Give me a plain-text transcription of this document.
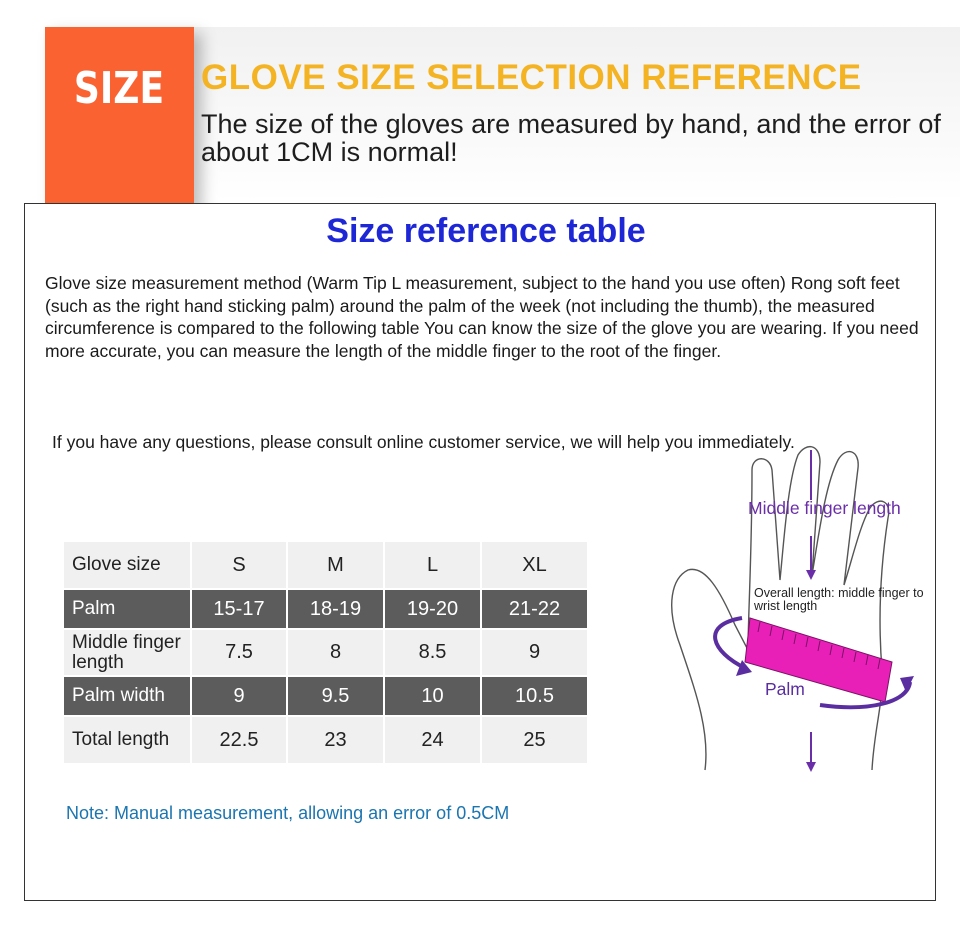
SIZE GLOVE SIZE SELECTION REFERENCE

The size of the gloves are measured by hand, and the error of about 1CM is normal!

Size reference table

Glove size measurement method (Warm Tip L measurement, subject to the hand you use often) Rong soft feet (such as the right hand sticking palm) around the palm of the week (not including the thumb), the measured circumference is compared to the following table You can know the size of the glove you are wearing. If you need more accurate, you can measure the length of the middle finger to the root of the finger.

If you have any questions, please consult online customer service, we will help you immediately.

Glove size	S	M	L	XL
Palm	15-17	18-19	19-20	21-22
Middle finger length	7.5	8	8.5	9
Palm width	9	9.5	10	10.5
Total length	22.5	23	24	25

Note: Manual measurement, allowing an error of 0.5CM

Middle finger length

Overall length: middle finger to wrist length

Palm
